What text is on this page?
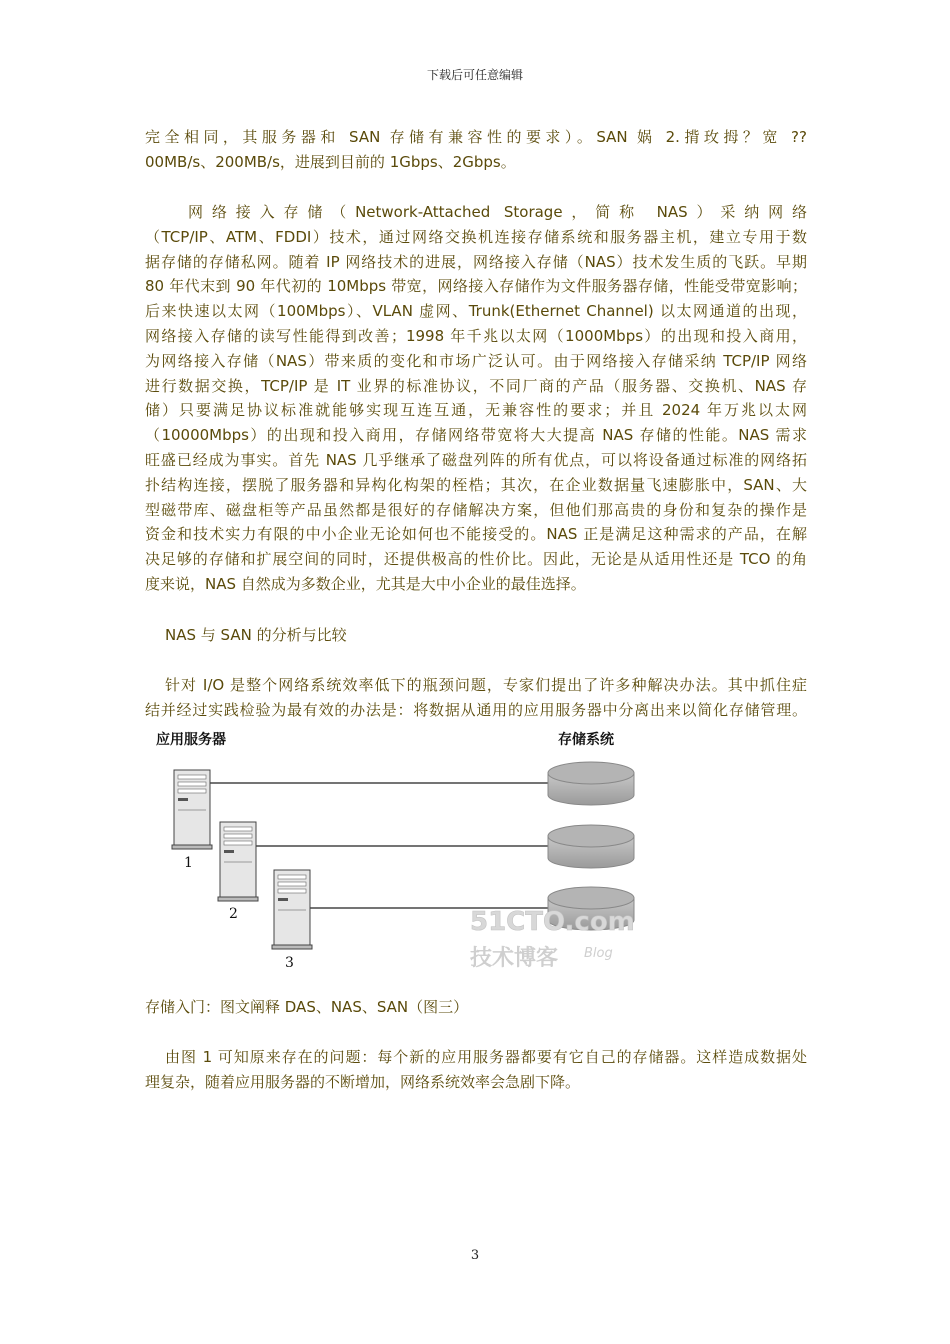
下载后可任意编辑
完全相同，其服务器和 SAN 存储有兼容性的要求）。SAN 娲 2.揹玫拇？宽 ??
00MB/s、200MB/s，进展到目前的 1Gbps、2Gbps。
网络接入存储（Network-Attached Storage，简称 NAS）采纳网络
（TCP/IP、ATM、FDDI）技术，通过网络交换机连接存储系统和服务器主机，建立专用于数
据存储的存储私网。随着 IP 网络技术的进展，网络接入存储（NAS）技术发生质的飞跃。早期
80 年代末到 90 年代初的 10Mbps 带宽，网络接入存储作为文件服务器存储，性能受带宽影响；
后来快速以太网（100Mbps）、VLAN 虚网、Trunk(Ethernet Channel) 以太网通道的出现，
网络接入存储的读写性能得到改善；1998 年千兆以太网（1000Mbps）的出现和投入商用，
为网络接入存储（NAS）带来质的变化和市场广泛认可。由于网络接入存储采纳 TCP/IP 网络
进行数据交换，TCP/IP 是 IT 业界的标准协议，不同厂商的产品（服务器、交换机、NAS 存
储）只要满足协议标准就能够实现互连互通，无兼容性的要求；并且 2024 年万兆以太网
（10000Mbps）的出现和投入商用，存储网络带宽将大大提高 NAS 存储的性能。NAS 需求
旺盛已经成为事实。首先 NAS 几乎继承了磁盘列阵的所有优点，可以将设备通过标准的网络拓
扑结构连接，摆脱了服务器和异构化构架的桎梏；其次，在企业数据量飞速膨胀中，SAN、大
型磁带库、磁盘柜等产品虽然都是很好的存储解决方案，但他们那高贵的身份和复杂的操作是
资金和技术实力有限的中小企业无论如何也不能接受的。NAS 正是满足这种需求的产品，在解
决足够的存储和扩展空间的同时，还提供极高的性价比。因此，无论是从适用性还是 TCO 的角
度来说，NAS 自然成为多数企业，尤其是大中小企业的最佳选择。
NAS 与 SAN 的分析与比较
针对 I/O 是整个网络系统效率低下的瓶颈问题，专家们提出了许多种解决办法。其中抓住症
结并经过实践检验为最有效的办法是：将数据从通用的应用服务器中分离出来以简化存储管理。
应用服务器	存储系统
51CTO.com
技术博客 Blog
1
2
3
存储入门：图文阐释 DAS、NAS、SAN（图三）
由图 1 可知原来存在的问题：每个新的应用服务器都要有它自己的存储器。这样造成数据处
理复杂，随着应用服务器的不断增加，网络系统效率会急剧下降。
3
